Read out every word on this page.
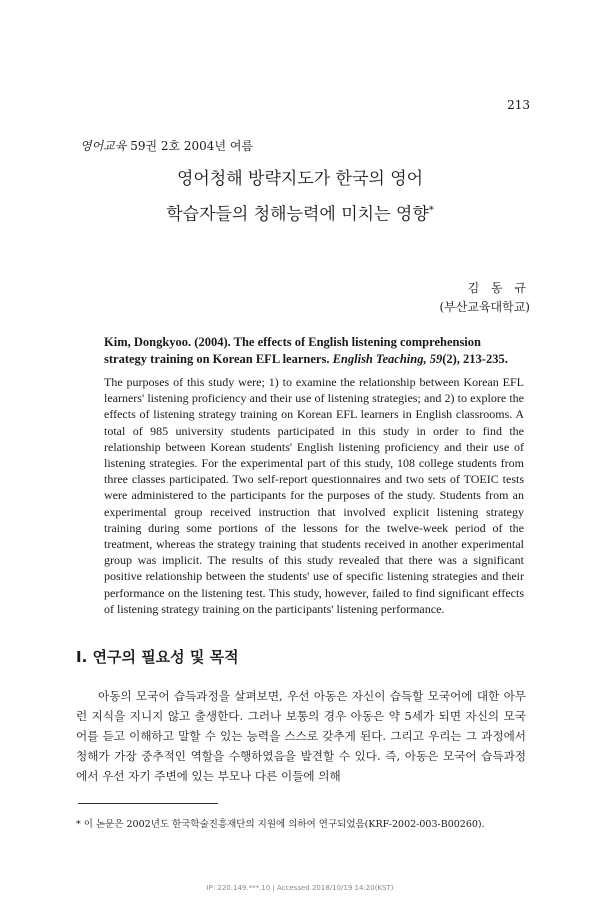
213
영어교육 59권 2호 2004년 여름
영어청해 방략지도가 한국의 영어
학습자들의 청해능력에 미치는 영향*
김 동 규
(부산교육대학교)
Kim, Dongkyoo. (2004). The effects of English listening comprehension strategy training on Korean EFL learners. English Teaching, 59(2), 213-235.
The purposes of this study were; 1) to examine the relationship between Korean EFL learners' listening proficiency and their use of listening strategies; and 2) to explore the effects of listening strategy training on Korean EFL learners in English classrooms. A total of 985 university students participated in this study in order to find the relationship between Korean students' English listening proficiency and their use of listening strategies. For the experimental part of this study, 108 college students from three classes participated. Two self-report questionnaires and two sets of TOEIC tests were administered to the participants for the purposes of the study. Students from an experimental group received instruction that involved explicit listening strategy training during some portions of the lessons for the twelve-week period of the treatment, whereas the strategy training that students received in another experimental group was implicit. The results of this study revealed that there was a significant positive relationship between the students' use of specific listening strategies and their performance on the listening test. This study, however, failed to find significant effects of listening strategy training on the participants' listening performance.
I. 연구의 필요성 및 목적
아동의 모국어 습득과정을 살펴보면, 우선 아동은 자신이 습득할 모국어에 대한 아무런 지식을 지니지 않고 출생한다. 그러나 보통의 경우 아동은 약 5세가 되면 자신의 모국어를 듣고 이해하고 말할 수 있는 능력을 스스로 갖추게 된다. 그리고 우리는 그 과정에서 청해가 가장 중추적인 역할을 수행하였음을 발견할 수 있다. 즉, 아동은 모국어 습득과정에서 우선 자기 주변에 있는 부모나 다른 이들에 의해
* 이 논문은 2002년도 한국학술진흥재단의 지원에 의하여 연구되었음(KRF-2002-003-B00260).
IP: 220.149.***.10 | Accessed 2018/10/19 14:20(KST)
